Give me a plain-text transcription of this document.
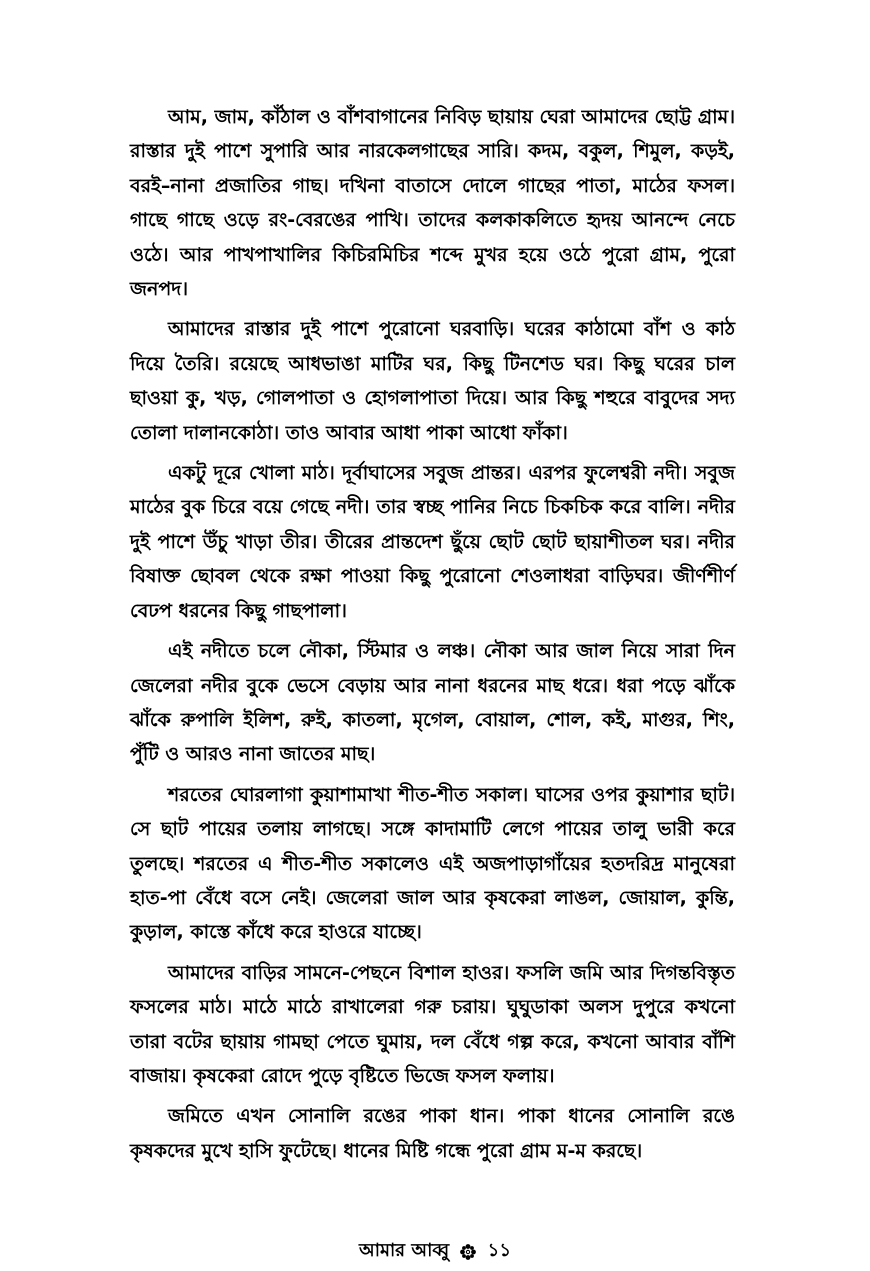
আম, জাম, কাঁঠাল ও বাঁশবাগানের নিবিড় ছায়ায় ঘেরা আমাদের ছোট্ট গ্রাম। রাস্তার দুই পাশে সুপারি আর নারকেলগাছের সারি। কদম, বকুল, শিমুল, কড়ই, বরই–নানা প্রজাতির গাছ। দখিনা বাতাসে দোলে গাছের পাতা, মাঠের ফসল। গাছে গাছে ওড়ে রং-বেরঙের পাখি। তাদের কলকাকলিতে হৃদয় আনন্দে নেচে ওঠে। আর পাখপাখালির কিচিরমিচির শব্দে মুখর হয়ে ওঠে পুরো গ্রাম, পুরো জনপদ।

আমাদের রাস্তার দুই পাশে পুরোনো ঘরবাড়ি। ঘরের কাঠামো বাঁশ ও কাঠ দিয়ে তৈরি। রয়েছে আধভাঙা মাটির ঘর, কিছু টিনশেড ঘর। কিছু ঘরের চাল ছাওয়া কু, খড়, গোলপাতা ও হোগলাপাতা দিয়ে। আর কিছু শহুরে বাবুদের সদ্য তোলা দালানকোঠা। তাও আবার আধা পাকা আধো ফাঁকা।

একটু দূরে খোলা মাঠ। দূর্বাঘাসের সবুজ প্রান্তর। এরপর ফুলেশ্বরী নদী। সবুজ মাঠের বুক চিরে বয়ে গেছে নদী। তার স্বচ্ছ পানির নিচে চিকচিক করে বালি। নদীর দুই পাশে উঁচু খাড়া তীর। তীরের প্রান্তদেশ ছুঁয়ে ছোট ছোট ছায়াশীতল ঘর। নদীর বিষাক্ত ছোবল থেকে রক্ষা পাওয়া কিছু পুরোনো শেওলাধরা বাড়িঘর। জীর্ণশীর্ণ বেঢপ ধরনের কিছু গাছপালা।

এই নদীতে চলে নৌকা, স্টিমার ও লঞ্চ। নৌকা আর জাল নিয়ে সারা দিন জেলেরা নদীর বুকে ভেসে বেড়ায় আর নানা ধরনের মাছ ধরে। ধরা পড়ে ঝাঁকে ঝাঁকে রুপালি ইলিশ, রুই, কাতলা, মৃগেল, বোয়াল, শোল, কই, মাগুর, শিং, পুঁটি ও আরও নানা জাতের মাছ।

শরতের ঘোরলাগা কুয়াশামাখা শীত-শীত সকাল। ঘাসের ওপর কুয়াশার ছাট। সে ছাট পায়ের তলায় লাগছে। সঙ্গে কাদামাটি লেগে পায়ের তালু ভারী করে তুলছে। শরতের এ শীত-শীত সকালেও এই অজপাড়াগাঁয়ের হতদরিদ্র মানুষেরা হাত-পা বেঁধে বসে নেই। জেলেরা জাল আর কৃষকেরা লাঙল, জোয়াল, কুন্তি, কুড়াল, কাস্তে কাঁধে করে হাওরে যাচ্ছে।

আমাদের বাড়ির সামনে-পেছনে বিশাল হাওর। ফসলি জমি আর দিগন্তবিস্তৃত ফসলের মাঠ। মাঠে মাঠে রাখালেরা গরু চরায়। ঘুঘুডাকা অলস দুপুরে কখনো তারা বটের ছায়ায় গামছা পেতে ঘুমায়, দল বেঁধে গল্প করে, কখনো আবার বাঁশি বাজায়। কৃষকেরা রোদে পুড়ে বৃষ্টিতে ভিজে ফসল ফলায়।

জমিতে এখন সোনালি রঙের পাকা ধান। পাকা ধানের সোনালি রঙে কৃষকদের মুখে হাসি ফুটেছে। ধানের মিষ্টি গন্ধে পুরো গ্রাম ম-ম করছে।

আমার আব্বু ১১
